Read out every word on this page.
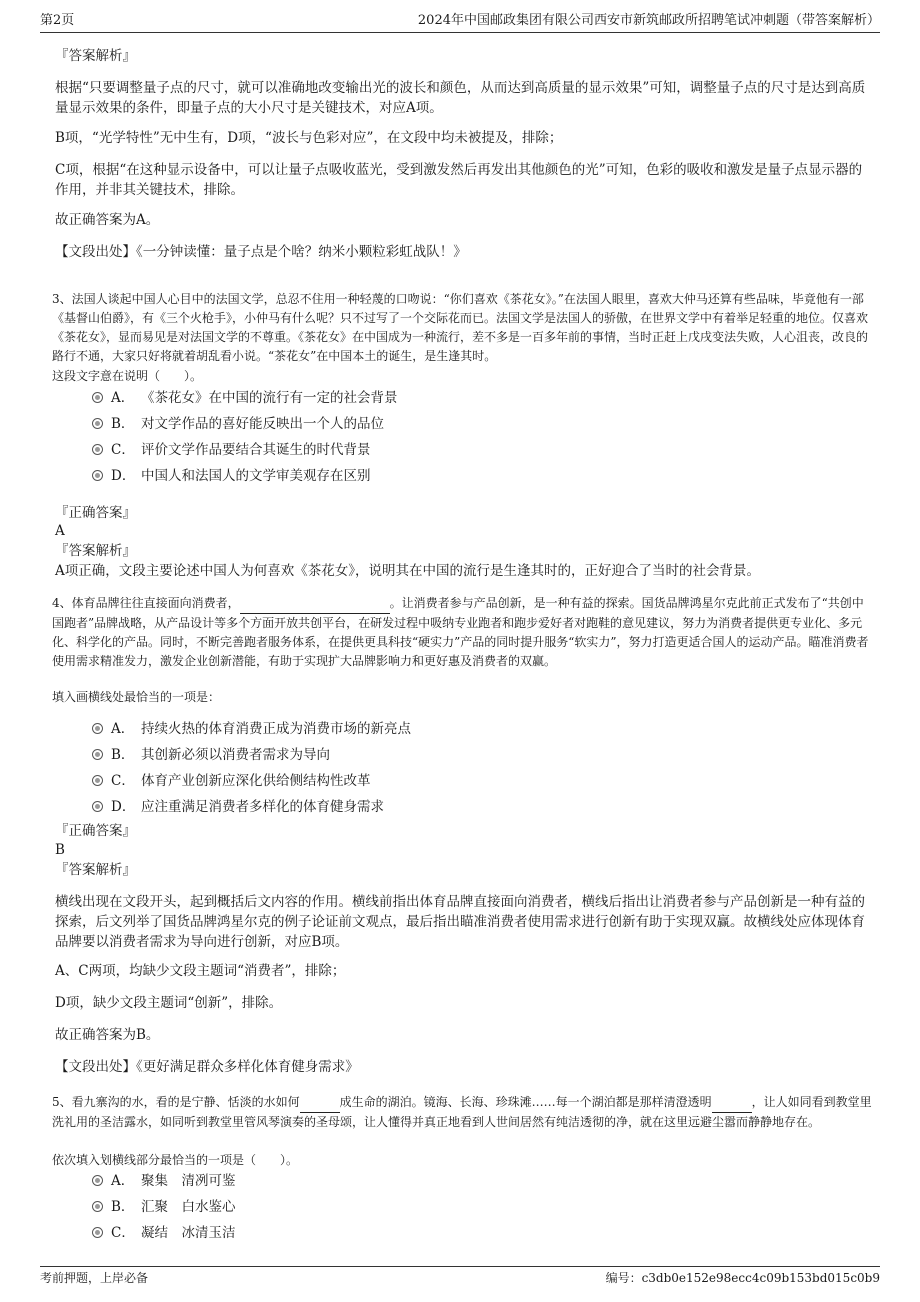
第2页	2024年中国邮政集团有限公司西安市新筑邮政所招聘笔试冲刺题（带答案解析）
『答案解析』
根据“只要调整量子点的尺寸，就可以准确地改变输出光的波长和颜色，从而达到高质量的显示效果”可知，调整量子点的尺寸是达到高质量显示效果的条件，即量子点的大小尺寸是关键技术，对应A项。
B项，“光学特性”无中生有，D项，“波长与色彩对应”，在文段中均未被提及，排除；
C项，根据“在这种显示设备中，可以让量子点吸收蓝光，受到激发然后再发出其他颜色的光”可知，色彩的吸收和激发是量子点显示器的作用，并非其关键技术，排除。
故正确答案为A。
【文段出处】《一分钟读懂：量子点是个啥？纳米小颗粒彩虹战队！》
3、法国人谈起中国人心目中的法国文学，总忍不住用一种轻蔑的口吻说：“你们喜欢《茶花女》。”在法国人眼里，喜欢大仲马还算有些品味，毕竟他有一部《基督山伯爵》，有《三个火枪手》，小仲马有什么呢？只不过写了一个交际花而已。法国文学是法国人的骄傲，在世界文学中有着举足轻重的地位。仅喜欢《茶花女》，显而易见是对法国文学的不尊重。《茶花女》在中国成为一种流行，差不多是一百多年前的事情，当时正赶上戊戌变法失败，人心沮丧，改良的路行不通，大家只好将就着胡乱看小说。“茶花女”在中国本土的诞生，是生逢其时。
这段文字意在说明（　　）。
A． 《茶花女》在中国的流行有一定的社会背景
B． 对文学作品的喜好能反映出一个人的品位
C． 评价文学作品要结合其诞生的时代背景
D． 中国人和法国人的文学审美观存在区别
『正确答案』
A
『答案解析』
A项正确，文段主要论述中国人为何喜欢《茶花女》，说明其在中国的流行是生逢其时的，正好迎合了当时的社会背景。
4、体育品牌往往直接面向消费者，	。让消费者参与产品创新，是一种有益的探索。国货品牌鸿星尔克此前正式发布了“共创中国跑者”品牌战略，从产品设计等多个方面开放共创平台，在研发过程中吸纳专业跑者和跑步爱好者对跑鞋的意见建议，努力为消费者提供更专业化、多元化、科学化的产品。同时，不断完善跑者服务体系，在提供更具科技“硬实力”产品的同时提升服务“软实力”，努力打造更适合国人的运动产品。瞄准消费者使用需求精准发力，激发企业创新潜能，有助于实现扩大品牌影响力和更好惠及消费者的双赢。
填入画横线处最恰当的一项是：
A． 持续火热的体育消费正成为消费市场的新亮点
B． 其创新必须以消费者需求为导向
C． 体育产业创新应深化供给侧结构性改革
D． 应注重满足消费者多样化的体育健身需求
『正确答案』
B
『答案解析』
横线出现在文段开头，起到概括后文内容的作用。横线前指出体育品牌直接面向消费者，横线后指出让消费者参与产品创新是一种有益的探索，后文列举了国货品牌鸿星尔克的例子论证前文观点，最后指出瞄准消费者使用需求进行创新有助于实现双赢。故横线处应体现体育品牌要以消费者需求为导向进行创新，对应B项。
A、C两项，均缺少文段主题词“消费者”，排除；
D项，缺少文段主题词“创新”，排除。
故正确答案为B。
【文段出处】《更好满足群众多样化体育健身需求》
5、看九寨沟的水，看的是宁静、恬淡的水如何	成生命的湖泊。镜海、长海、珍珠滩……每一个湖泊都是那样清澄透明	，让人如同看到教堂里洗礼用的圣洁露水，如同听到教堂里管风琴演奏的圣母颂，让人懂得并真正地看到人世间居然有纯洁透彻的净，就在这里远避尘嚣而静静地存在。
依次填入划横线部分最恰当的一项是（　　）。
A． 聚集　清冽可鉴
B． 汇聚　白水鉴心
C． 凝结　冰清玉洁
考前押题，上岸必备	编号：c3db0e152e98ecc4c09b153bd015c0b9
